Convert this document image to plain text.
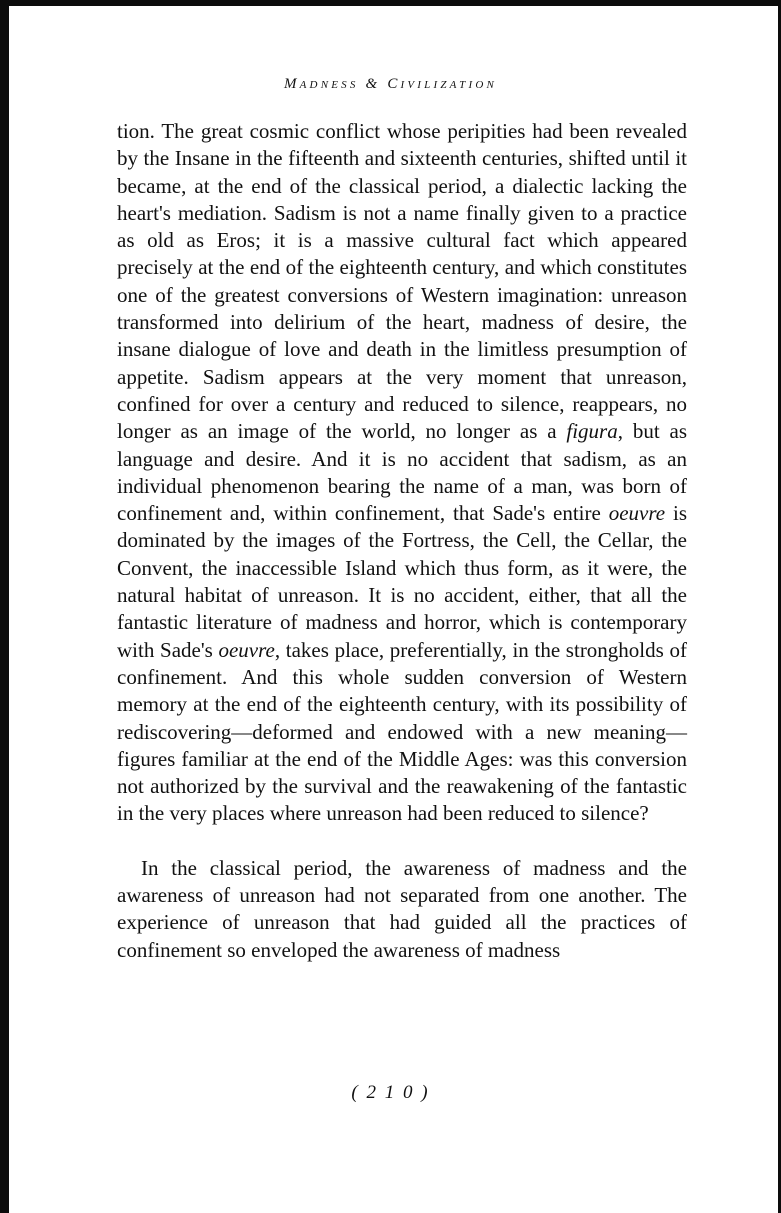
Madness & Civilization

tion. The great cosmic conflict whose peripities had been revealed by the Insane in the fifteenth and sixteenth centuries, shifted until it became, at the end of the classical period, a dialectic lacking the heart's mediation. Sadism is not a name finally given to a practice as old as Eros; it is a massive cultural fact which appeared precisely at the end of the eighteenth century, and which constitutes one of the greatest conversions of Western imagination: unreason transformed into delirium of the heart, madness of desire, the insane dialogue of love and death in the limitless presumption of appetite. Sadism appears at the very moment that unreason, confined for over a century and reduced to silence, reappears, no longer as an image of the world, no longer as a figura, but as language and desire. And it is no accident that sadism, as an individual phenomenon bearing the name of a man, was born of confinement and, within confinement, that Sade's entire oeuvre is dominated by the images of the Fortress, the Cell, the Cellar, the Convent, the inaccessible Island which thus form, as it were, the natural habitat of unreason. It is no accident, either, that all the fantastic literature of madness and horror, which is contemporary with Sade's oeuvre, takes place, preferentially, in the strongholds of confinement. And this whole sudden conversion of Western memory at the end of the eighteenth century, with its possibility of rediscovering—deformed and endowed with a new meaning—figures familiar at the end of the Middle Ages: was this conversion not authorized by the survival and the reawakening of the fantastic in the very places where unreason had been reduced to silence?

In the classical period, the awareness of madness and the awareness of unreason had not separated from one another. The experience of unreason that had guided all the practices of confinement so enveloped the awareness of madness

( 2 1 0 )
